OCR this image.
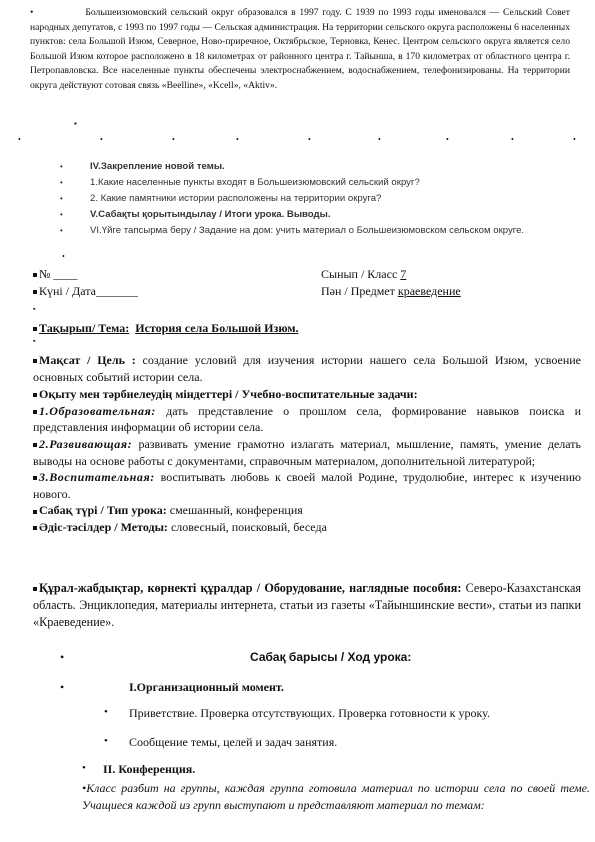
•	Большеизюмовский сельский округ образовался в 1997 году. С 1939 по 1993 годы именовался — Сельский Совет народных депутатов, с 1993 по 1997 годы — Сельская администрация. На территории сельского округа расположены 6 населенных пунктов: села Большой Изюм, Северное, Ново-приречное, Октябрьское, Терновка, Кенес. Центром сельского округа является село Большой Изюм которое расположено в 18 километрах от районного центра г. Тайынша, в 170 километрах от областного центра г. Петропавловска. Все населенные пункты обеспечены электроснабжением, водоснабжением, телефонизированы. На территории округа действуют сотовая связь «Beelline», «Kcell», «Aktiv».
•
▪
•	•	•	•	•	•	•	•
•	IV.Закрепление новой темы.
•	1.Какие населенные пункты входят в Большеизюмовский сельский округ?
•	2. Какие памятники истории расположены на территории округа?
•	V.Сабақты қорытындылау / Итоги урока. Выводы.
•	VI.Үйге тапсырма беру / Задание на дом: учить материал о Большеизюмовском сельском округе.
•
№ ____	Сынып / Класс 7
Күні / Дата_______	Пән / Предмет краеведение
▪
Тақырып/ Тема: История села Большой Изюм.
▪
Мақсат / Цель : создание условий для изучения истории нашего села Большой Изюм, усвоение основных событий истории села.
Оқыту мен тәрбиелеудің міндеттері / Учебно-воспитательные задачи:
1.Образовательная: дать представление о прошлом села, формирование навыков поиска и представления информации об истории села.
2.Развивающая: развивать умение грамотно излагать материал, мышление, память, умение делать выводы на основе работы с документами, справочным материалом, дополнительной литературой;
3.Воспитательная: воспитывать любовь к своей малой Родине, трудолюбие, интерес к изучению нового.
Сабақ түрі / Тип урока: смешанный, конференция
Әдіс-тәсілдер / Методы: словесный, поисковый, беседа
Құрал-жабдықтар, көрнекті құралдар / Оборудование, наглядные пособия: Северо-Казахстанская область. Энциклопедия, материалы интернета, статьи из газеты «Тайыншинские вести», статьи из папки «Краеведение».
•	Сабақ барысы / Ход урока:
•	I.Организационный момент.
• Приветствие. Проверка отсутствующих. Проверка готовности к уроку.
• Сообщение темы, целей и задач занятия.
• II. Конференция.
•Класс разбит на группы, каждая группа готовила материал по истории села по своей теме. Учащиеся каждой из групп выступают и представляют материал по темам:
